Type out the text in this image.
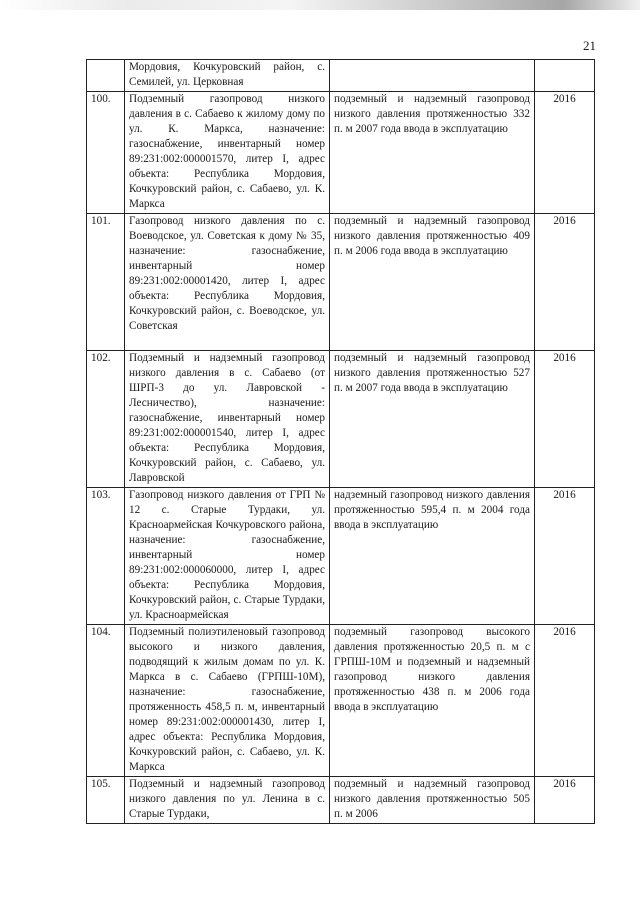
21
	Мордовия, Кочкуровский район, с. Семилей, ул. Церковная		
100.	Подземный газопровод низкого давления в с. Сабаево к жилому дому по ул. К. Маркса, назначение: газоснабжение, инвентарный номер 89:231:002:000001570, литер I, адрес объекта: Республика Мордовия, Кочкуровский район, с. Сабаево, ул. К. Маркса	подземный и надземный газопровод низкого давления протяженностью 332 п. м 2007 года ввода в эксплуатацию	2016
101.	Газопровод низкого давления по с. Воеводское, ул. Советская к дому № 35, назначение: газоснабжение, инвентарный номер 89:231:002:00001420, литер I, адрес объекта: Республика Мордовия, Кочкуровский район, с. Воеводское, ул. Советская	подземный и надземный газопровод низкого давления протяженностью 409 п. м 2006 года ввода в эксплуатацию	2016
102.	Подземный и надземный газопровод низкого давления в с. Сабаево (от ШРП-3 до ул. Лавровской - Лесничество), назначение: газоснабжение, инвентарный номер 89:231:002:000001540, литер I, адрес объекта: Республика Мордовия, Кочкуровский район, с. Сабаево, ул. Лавровской	подземный и надземный газопровод низкого давления протяженностью 527 п. м 2007 года ввода в эксплуатацию	2016
103.	Газопровод низкого давления от ГРП № 12 с. Старые Турдаки, ул. Красноармейская Кочкуровского района, назначение: газоснабжение, инвентарный номер 89:231:002:000060000, литер I, адрес объекта: Республика Мордовия, Кочкуровский район, с. Старые Турдаки, ул. Красноармейская	надземный газопровод низкого давления протяженностью 595,4 п. м 2004 года ввода в эксплуатацию	2016
104.	Подземный полиэтиленовый газопровод высокого и низкого давления, подводящий к жилым домам по ул. К. Маркса в с. Сабаево (ГРПШ-10М), назначение: газоснабжение, протяженность 458,5 п. м, инвентарный номер 89:231:002:000001430, литер I, адрес объекта: Республика Мордовия, Кочкуровский район, с. Сабаево, ул. К. Маркса	подземный газопровод высокого давления протяженностью 20,5 п. м с ГРПШ-10М и подземный и надземный газопровод низкого давления протяженностью 438 п. м 2006 года ввода в эксплуатацию	2016
105.	Подземный и надземный газопровод низкого давления по ул. Ленина в с. Старые Турдаки,	подземный и надземный газопровод низкого давления протяженностью 505 п. м 2006	2016
